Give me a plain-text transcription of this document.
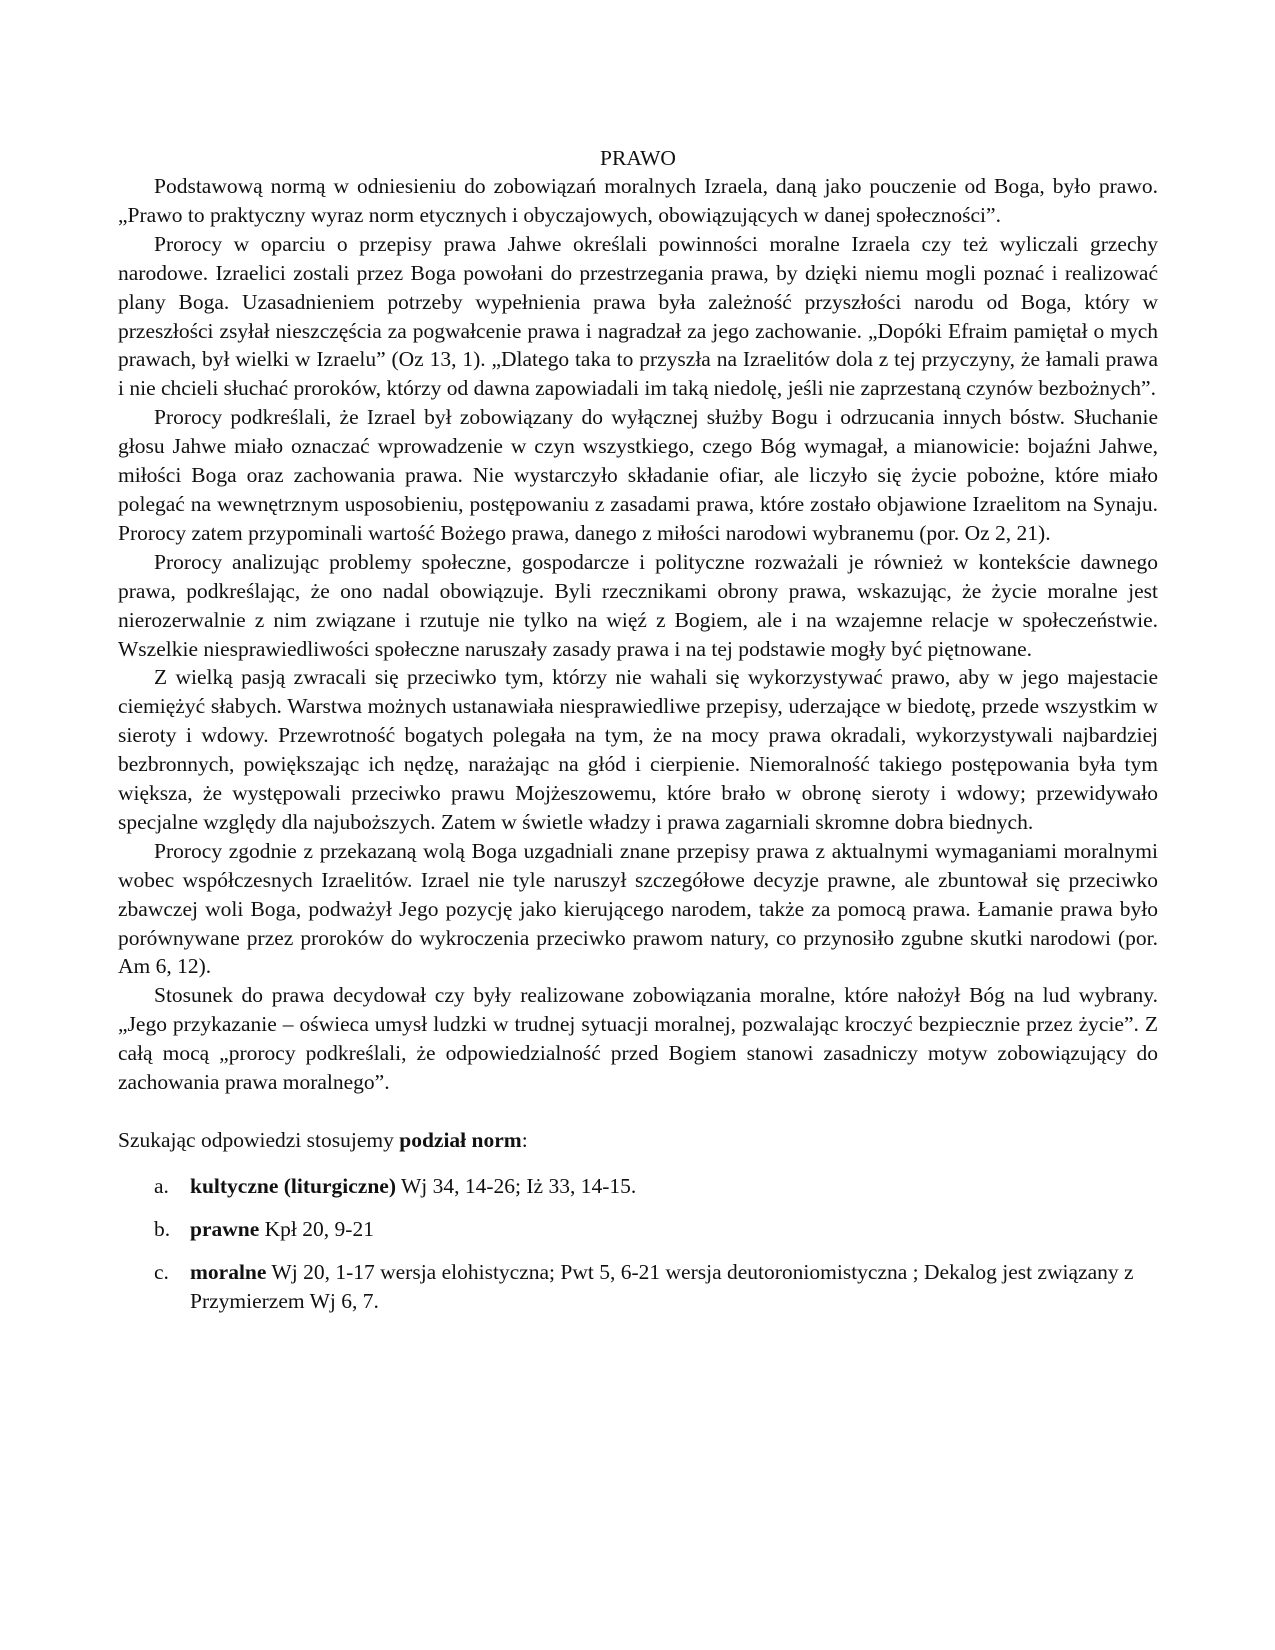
PRAWO

Podstawową normą w odniesieniu do zobowiązań moralnych Izraela, daną jako pouczenie od Boga, było prawo. „Prawo to praktyczny wyraz norm etycznych i obyczajowych, obowiązujących w danej społeczności”.

Prorocy w oparciu o przepisy prawa Jahwe określali powinności moralne Izraela czy też wyliczali grzechy narodowe. Izraelici zostali przez Boga powołani do przestrzegania prawa, by dzięki niemu mogli poznać i realizować plany Boga. Uzasadnieniem potrzeby wypełnienia prawa była zależność przyszłości narodu od Boga, który w przeszłości zsyłał nieszczęścia za pogwałcenie prawa i nagradzał za jego zachowanie. „Dopóki Efraim pamiętał o mych prawach, był wielki w Izraelu” (Oz 13, 1). „Dlatego taka to przyszła na Izraelitów dola z tej przyczyny, że łamali prawa i nie chcieli słuchać proroków, którzy od dawna zapowiadali im taką niedolę, jeśli nie zaprzestaną czynów bezbożnych”.

Prorocy podkreślali, że Izrael był zobowiązany do wyłącznej służby Bogu i odrzucania innych bóstw. Słuchanie głosu Jahwe miało oznaczać wprowadzenie w czyn wszystkiego, czego Bóg wymagał, a mianowicie: bojaźni Jahwe, miłości Boga oraz zachowania prawa. Nie wystarczyło składanie ofiar, ale liczyło się życie pobożne, które miało polegać na wewnętrznym usposobieniu, postępowaniu z zasadami prawa, które zostało objawione Izraelitom na Synaju. Prorocy zatem przypominali wartość Bożego prawa, danego z miłości narodowi wybranemu (por. Oz 2, 21).

Prorocy analizując problemy społeczne, gospodarcze i polityczne rozważali je również w kontekście dawnego prawa, podkreślając, że ono nadal obowiązuje. Byli rzecznikami obrony prawa, wskazując, że życie moralne jest nierozerwalnie z nim związane i rzutuje nie tylko na więź z Bogiem, ale i na wzajemne relacje w społeczeństwie. Wszelkie niesprawiedliwości społeczne naruszały zasady prawa i na tej podstawie mogły być piętnowane.

Z wielką pasją zwracali się przeciwko tym, którzy nie wahali się wykorzystywać prawo, aby w jego majestacie ciemiężyć słabych. Warstwa możnych ustanawiała niesprawiedliwe przepisy, uderzające w biedotę, przede wszystkim w sieroty i wdowy. Przewrotność bogatych polegała na tym, że na mocy prawa okradali, wykorzystywali najbardziej bezbronnych, powiększając ich nędzę, narażając na głód i cierpienie. Niemoralność takiego postępowania była tym większa, że występowali przeciwko prawu Mojżeszowemu, które brało w obronę sieroty i wdowy; przewidywało specjalne względy dla najuboższych. Zatem w świetle władzy i prawa zagarniali skromne dobra biednych.

Prorocy zgodnie z przekazaną wolą Boga uzgadniali znane przepisy prawa z aktualnymi wymaganiami moralnymi wobec współczesnych Izraelitów. Izrael nie tyle naruszył szczegółowe decyzje prawne, ale zbuntował się przeciwko zbawczej woli Boga, podważył Jego pozycję jako kierującego narodem, także za pomocą prawa. Łamanie prawa było porównywane przez proroków do wykroczenia przeciwko prawom natury, co przynosiło zgubne skutki narodowi (por. Am 6, 12).

Stosunek do prawa decydował czy były realizowane zobowiązania moralne, które nałożył Bóg na lud wybrany. „Jego przykazanie – oświeca umysł ludzki w trudnej sytuacji moralnej, pozwalając kroczyć bezpiecznie przez życie”. Z całą mocą „prorocy podkreślali, że odpowiedzialność przed Bogiem stanowi zasadniczy motyw zobowiązujący do zachowania prawa moralnego”.

Szukając odpowiedzi stosujemy podział norm:

a. kultyczne (liturgiczne) Wj 34, 14-26; Iż 33, 14-15.
b. prawne Kpł 20, 9-21
c. moralne Wj 20, 1-17 wersja elohistyczna; Pwt 5, 6-21 wersja deutoroniomistyczna ; Dekalog jest związany z Przymierzem Wj 6, 7.
